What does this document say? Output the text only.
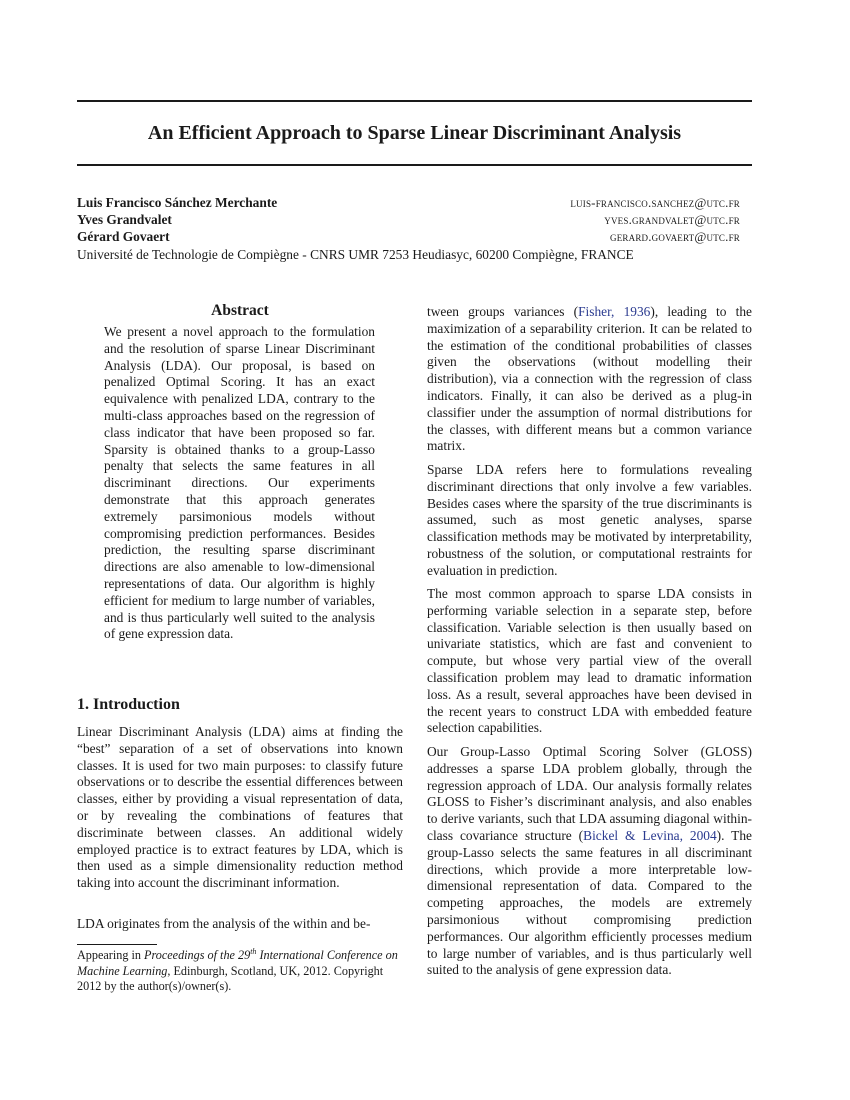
An Efficient Approach to Sparse Linear Discriminant Analysis
Luis Francisco Sánchez Merchante	luis-francisco.sanchez@utc.fr
Yves Grandvalet	yves.grandvalet@utc.fr
Gérard Govaert	gerard.govaert@utc.fr
Université de Technologie de Compiègne - CNRS UMR 7253 Heudiasyc, 60200 Compiègne, FRANCE
Abstract

We present a novel approach to the formulation and the resolution of sparse Linear Discriminant Analysis (LDA). Our proposal, is based on penalized Optimal Scoring. It has an exact equivalence with penalized LDA, contrary to the multi-class approaches based on the regression of class indicator that have been proposed so far. Sparsity is obtained thanks to a group-Lasso penalty that selects the same features in all discriminant directions. Our experiments demonstrate that this approach generates extremely parsimonious models without compromising prediction performances. Besides prediction, the resulting sparse discriminant directions are also amenable to low-dimensional representations of data. Our algorithm is highly efficient for medium to large number of variables, and is thus particularly well suited to the analysis of gene expression data.

1. Introduction

Linear Discriminant Analysis (LDA) aims at finding the “best” separation of a set of observations into known classes. It is used for two main purposes: to classify future observations or to describe the essential differences between classes, either by providing a visual representation of data, or by revealing the combinations of features that discriminate between classes. An additional widely employed practice is to extract features by LDA, which is then used as a simple dimensionality reduction method taking into account the discriminant information.

LDA originates from the analysis of the within and be-

Appearing in Proceedings of the 29th International Conference on Machine Learning, Edinburgh, Scotland, UK, 2012. Copyright 2012 by the author(s)/owner(s).

tween groups variances (Fisher, 1936), leading to the maximization of a separability criterion. It can be related to the estimation of the conditional probabilities of classes given the observations (without modelling their distribution), via a connection with the regression of class indicators. Finally, it can also be derived as a plug-in classifier under the assumption of normal distributions for the classes, with different means but a common variance matrix.

Sparse LDA refers here to formulations revealing discriminant directions that only involve a few variables. Besides cases where the sparsity of the true discriminants is assumed, such as most genetic analyses, sparse classification methods may be motivated by interpretability, robustness of the solution, or computational restraints for evaluation in prediction.

The most common approach to sparse LDA consists in performing variable selection in a separate step, before classification. Variable selection is then usually based on univariate statistics, which are fast and convenient to compute, but whose very partial view of the overall classification problem may lead to dramatic information loss. As a result, several approaches have been devised in the recent years to construct LDA with embedded feature selection capabilities.

Our Group-Lasso Optimal Scoring Solver (GLOSS) addresses a sparse LDA problem globally, through the regression approach of LDA. Our analysis formally relates GLOSS to Fisher’s discriminant analysis, and also enables to derive variants, such that LDA assuming diagonal within-class covariance structure (Bickel & Levina, 2004). The group-Lasso selects the same features in all discriminant directions, which provide a more interpretable low-dimensional representation of data. Compared to the competing approaches, the models are extremely parsimonious without compromising prediction performances. Our algorithm efficiently processes medium to large number of variables, and is thus particularly well suited to the analysis of gene expression data.
